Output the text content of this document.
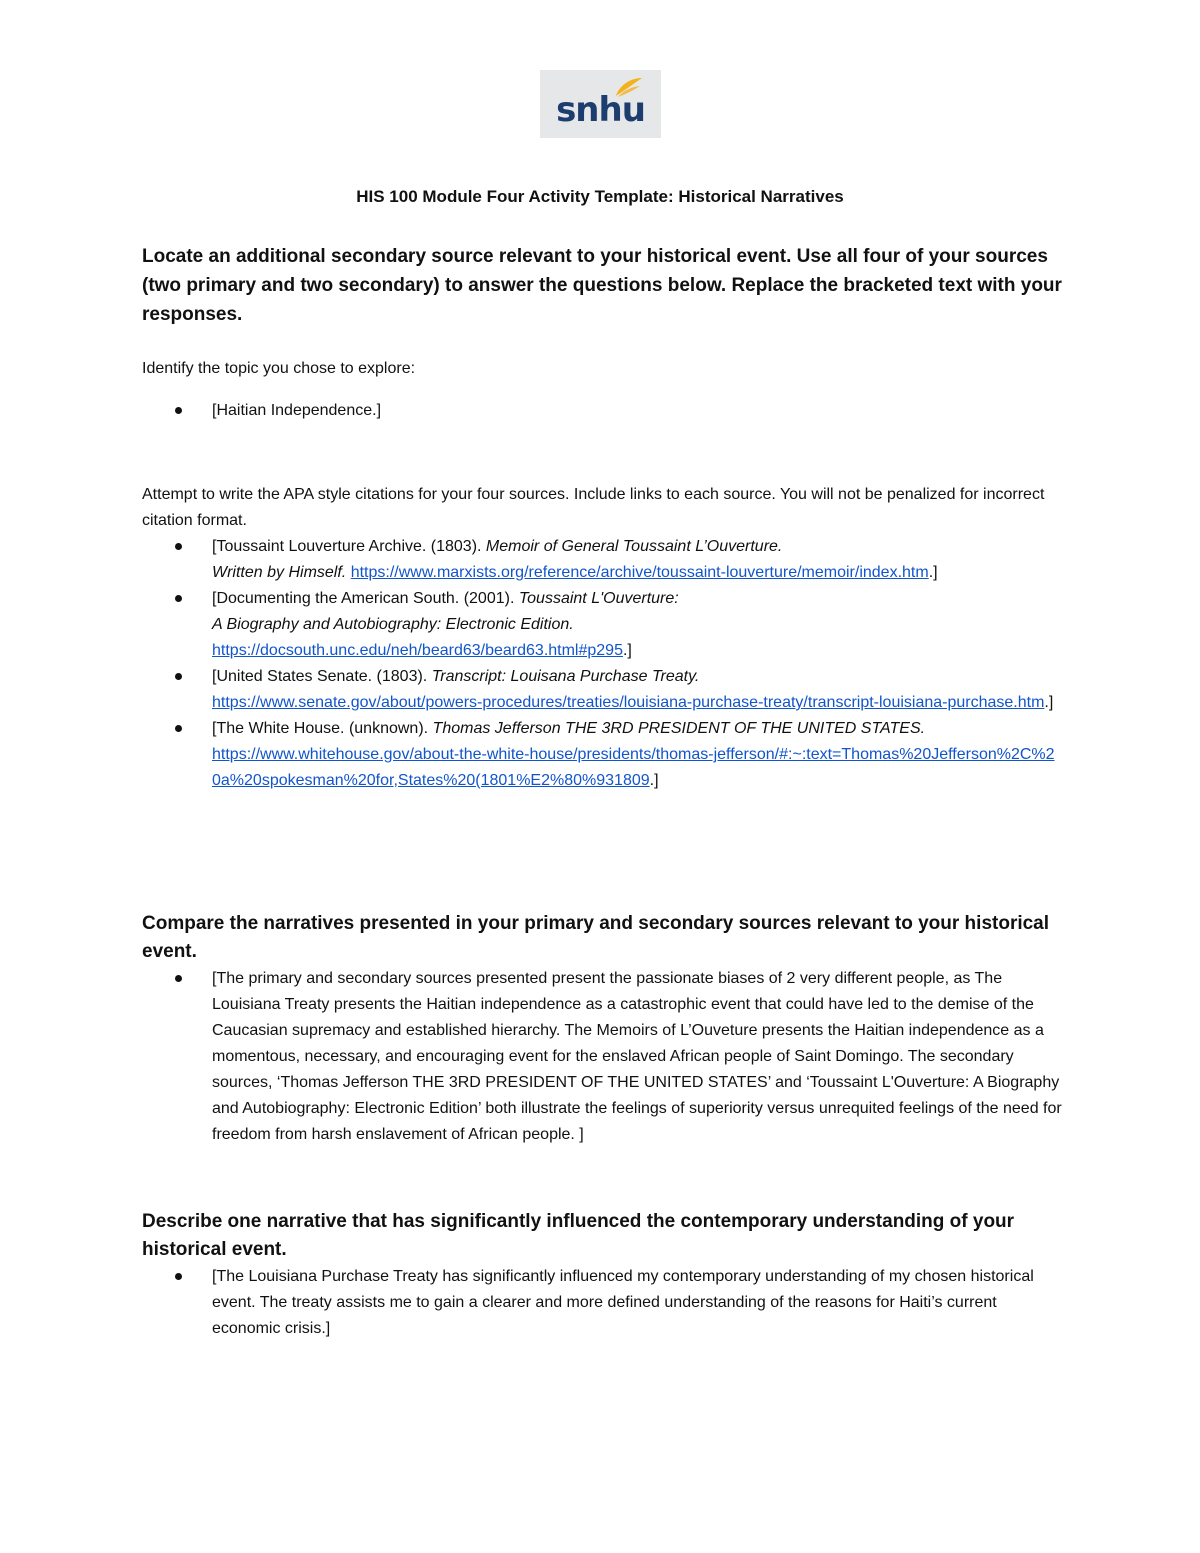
snhu
HIS 100 Module Four Activity Template: Historical Narratives
Locate an additional secondary source relevant to your historical event. Use all four of your sources (two primary and two secondary) to answer the questions below. Replace the bracketed text with your responses.
Identify the topic you chose to explore:
[Haitian Independence.]
Attempt to write the APA style citations for your four sources. Include links to each source. You will not be penalized for incorrect citation format.
[Toussaint Louverture Archive. (1803). Memoir of General Toussaint L’Ouverture.
Written by Himself. https://www.marxists.org/reference/archive/toussaint-louverture/memoir/index.htm.]
[Documenting the American South. (2001). Toussaint L'Ouverture:
A Biography and Autobiography: Electronic Edition.
https://docsouth.unc.edu/neh/beard63/beard63.html#p295.]
[United States Senate. (1803). Transcript: Louisana Purchase Treaty.
https://www.senate.gov/about/powers-procedures/treaties/louisiana-purchase-treaty/transcript-louisiana-purchase.htm.]
[The White House. (unknown). Thomas Jefferson THE 3RD PRESIDENT OF THE UNITED STATES.
https://www.whitehouse.gov/about-the-white-house/presidents/thomas-jefferson/#:~:text=Thomas%20Jefferson%2C%20a%20spokesman%20for,States%20(1801%E2%80%931809.]
Compare the narratives presented in your primary and secondary sources relevant to your historical event.
[The primary and secondary sources presented present the passionate biases of 2 very different people, as The Louisiana Treaty presents the Haitian independence as a catastrophic event that could have led to the demise of the Caucasian supremacy and established hierarchy. The Memoirs of L’Ouveture presents the Haitian independence as a momentous, necessary, and encouraging event for the enslaved African people of Saint Domingo. The secondary sources, ‘Thomas Jefferson THE 3RD PRESIDENT OF THE UNITED STATES’ and ‘Toussaint L'Ouverture: A Biography and Autobiography: Electronic Edition’ both illustrate the feelings of superiority versus unrequited feelings of the need for freedom from harsh enslavement of African people. ]
Describe one narrative that has significantly influenced the contemporary understanding of your historical event.
[The Louisiana Purchase Treaty has significantly influenced my contemporary understanding of my chosen historical event. The treaty assists me to gain a clearer and more defined understanding of the reasons for Haiti’s current economic crisis.]
